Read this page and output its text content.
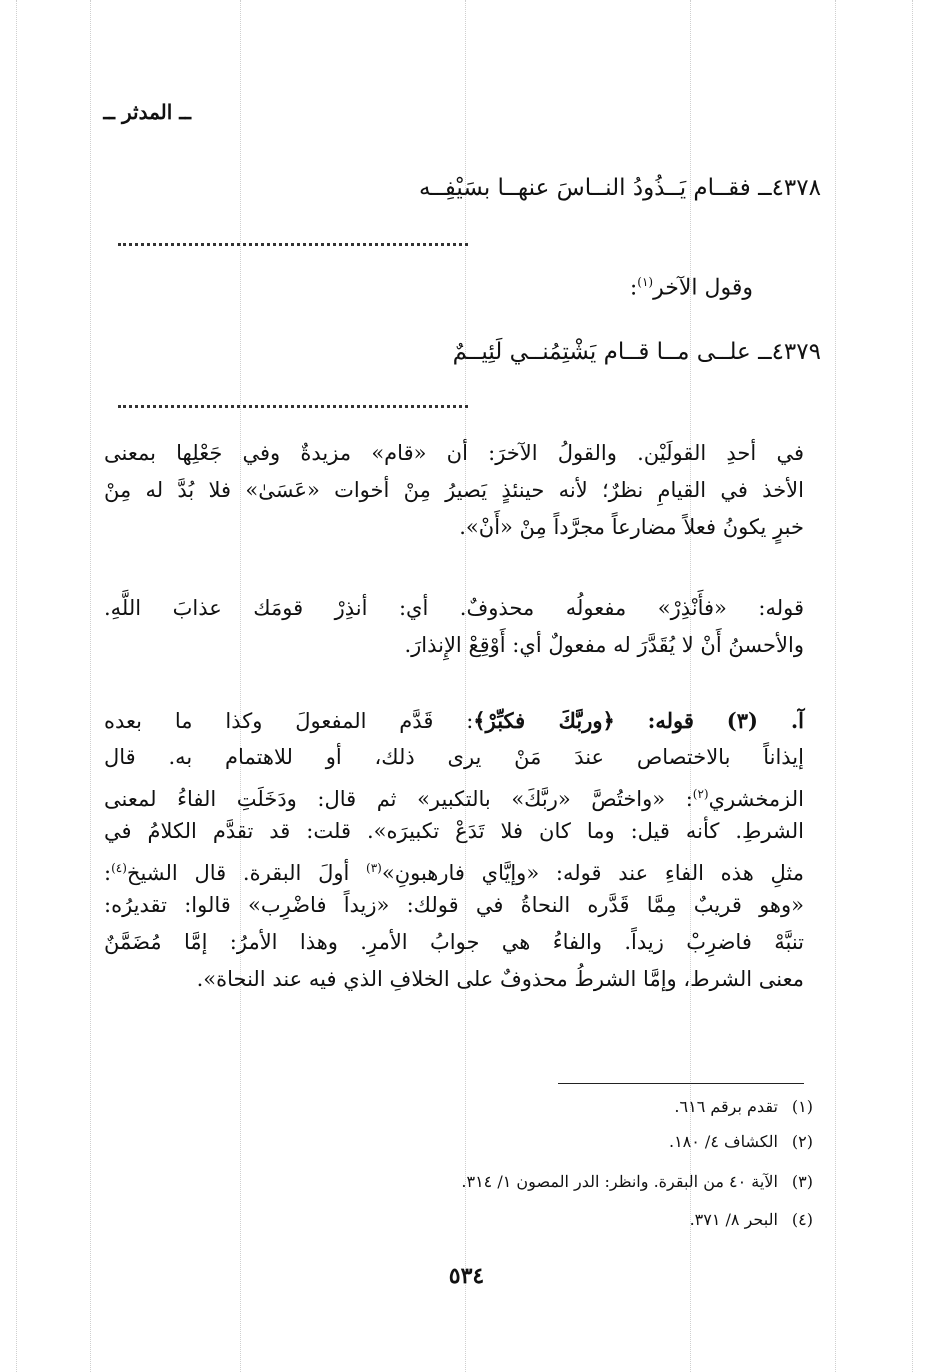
ــ المدثر ــ
٤٣٧٨ــ فقــام يَــذُودُ النــاسَ عنهــا بسَيْفِــه
وقول الآخر$^{(١)}$:
٤٣٧٩ــ علــى مــا قــام يَشْتِمُنــي لَئِيــمٌ
في أحدِ القولَيْن. والقولُ الآخرَ: أن «قام» مزيدةٌ وفي جَعْلِها بمعنى
الأخذ في القيامِ نظرٌ؛ لأنه حينئذٍ يَصيرُ مِنْ أخوات «عَسَىٰ» فلا بُدَّ له مِنْ
خبرٍ يكونُ فعلاً مضارعاً مجرَّداً مِنْ «أَنْ».
قوله: «فأَنْذِرْ» مفعولُه محذوفٌ. أي: أنذِرْ قومَك عذابَ اللَّهِ.
والأحسنُ أَنْ لا يُقَدَّرَ له مفعولٌ أي: أَوْقِعْ الإِنذارَ.
آ. (٣) قوله: ﴿وربَّكَ فكبِّرْ﴾: قَدَّم المفعولَ وكذا ما بعده
إيذاناً بالاختصاص عندَ مَنْ يرى ذلك، أو للاهتمام به. قال
الزمخشري$^{(٢)}$: «واختُصَّ «ربَّكَ» بالتكبير» ثم قال: ودَخَلَتِ الفاءُ لمعنى
الشرطِ. كأنه قيل: وما كان فلا تَدَعْ تكبيرَه». قلت: قد تقدَّم الكلامُ في
مثلِ هذه الفاءِ عند قوله: «وإيَّاي فارهبونِ»$^{(٣)}$ أولَ البقرة. قال الشيخ$^{(٤)}$:
«وهو قريبٌ مِمَّا قَدَّره النحاةُ في قولك: «زيداً فاضْرِب» قالوا: تقديرُه:
تنبَّهْ فاضرِبْ زيداً. والفاءُ هي جوابُ الأمرِ. وهذا الأمرُ: إمَّا مُضَمَّنٌ
معنى الشرط، وإمَّا الشرطُ محذوفٌ على الخلافِ الذي فيه عند النحاة».
(١)تقدم برقم ٦١٦.
(٢)الكشاف ٤/ ١٨٠.
(٣)الآية ٤٠ من البقرة. وانظر: الدر المصون ١/ ٣١٤.
(٤)البحر ٨/ ٣٧١.
٥٣٤
